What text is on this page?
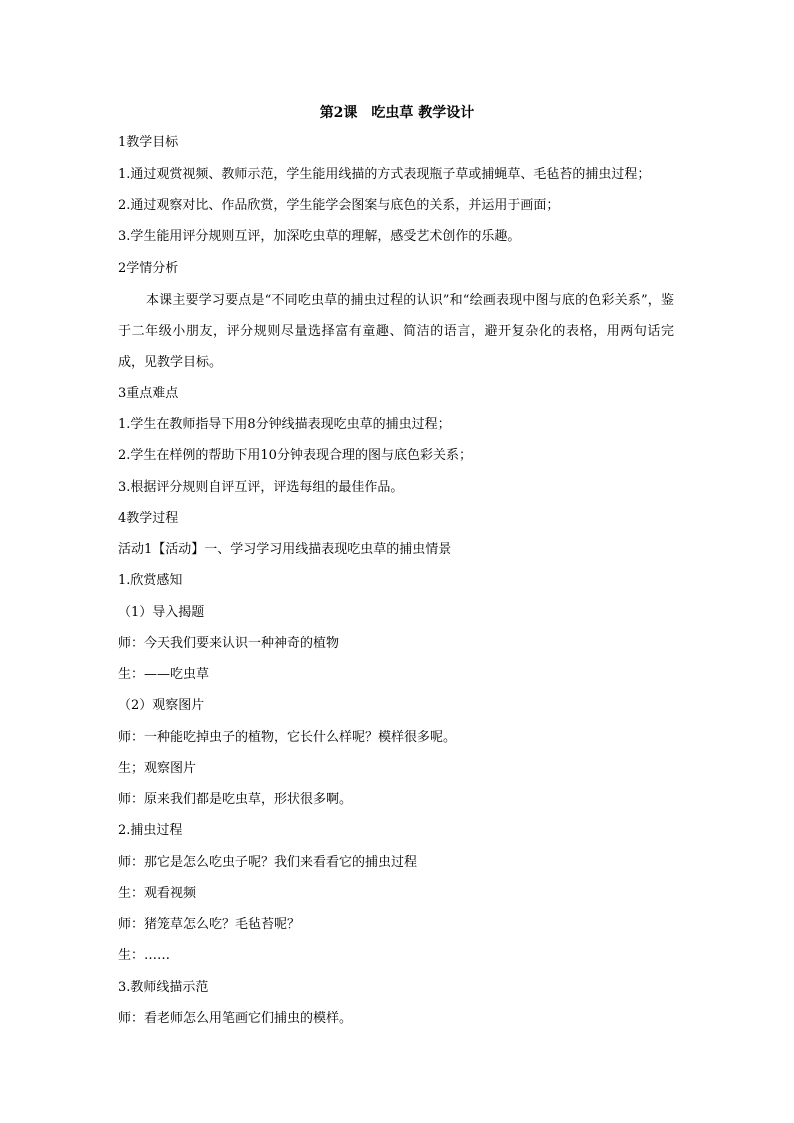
第2课　吃虫草 教学设计
1教学目标
1.通过观赏视频、教师示范，学生能用线描的方式表现瓶子草或捕蝇草、毛毡苔的捕虫过程；
2.通过观察对比、作品欣赏，学生能学会图案与底色的关系，并运用于画面；
3.学生能用评分规则互评，加深吃虫草的理解，感受艺术创作的乐趣。
2学情分析
本课主要学习要点是“不同吃虫草的捕虫过程的认识”和“绘画表现中图与底的色彩关系”，鉴于二年级小朋友，评分规则尽量选择富有童趣、简洁的语言，避开复杂化的表格，用两句话完成，见教学目标。
3重点难点
1.学生在教师指导下用8分钟线描表现吃虫草的捕虫过程；
2.学生在样例的帮助下用10分钟表现合理的图与底色彩关系；
3.根据评分规则自评互评，评选每组的最佳作品。
4教学过程
活动1【活动】一、学习学习用线描表现吃虫草的捕虫情景
1.欣赏感知
（1）导入揭题
师：今天我们要来认识一种神奇的植物
生：——吃虫草
（2）观察图片
师：一种能吃掉虫子的植物，它长什么样呢？模样很多呢。
生；观察图片
师：原来我们都是吃虫草，形状很多啊。
2.捕虫过程
师：那它是怎么吃虫子呢？我们来看看它的捕虫过程
生：观看视频
师：猪笼草怎么吃？毛毡苔呢？
生：……
3.教师线描示范
师：看老师怎么用笔画它们捕虫的模样。
